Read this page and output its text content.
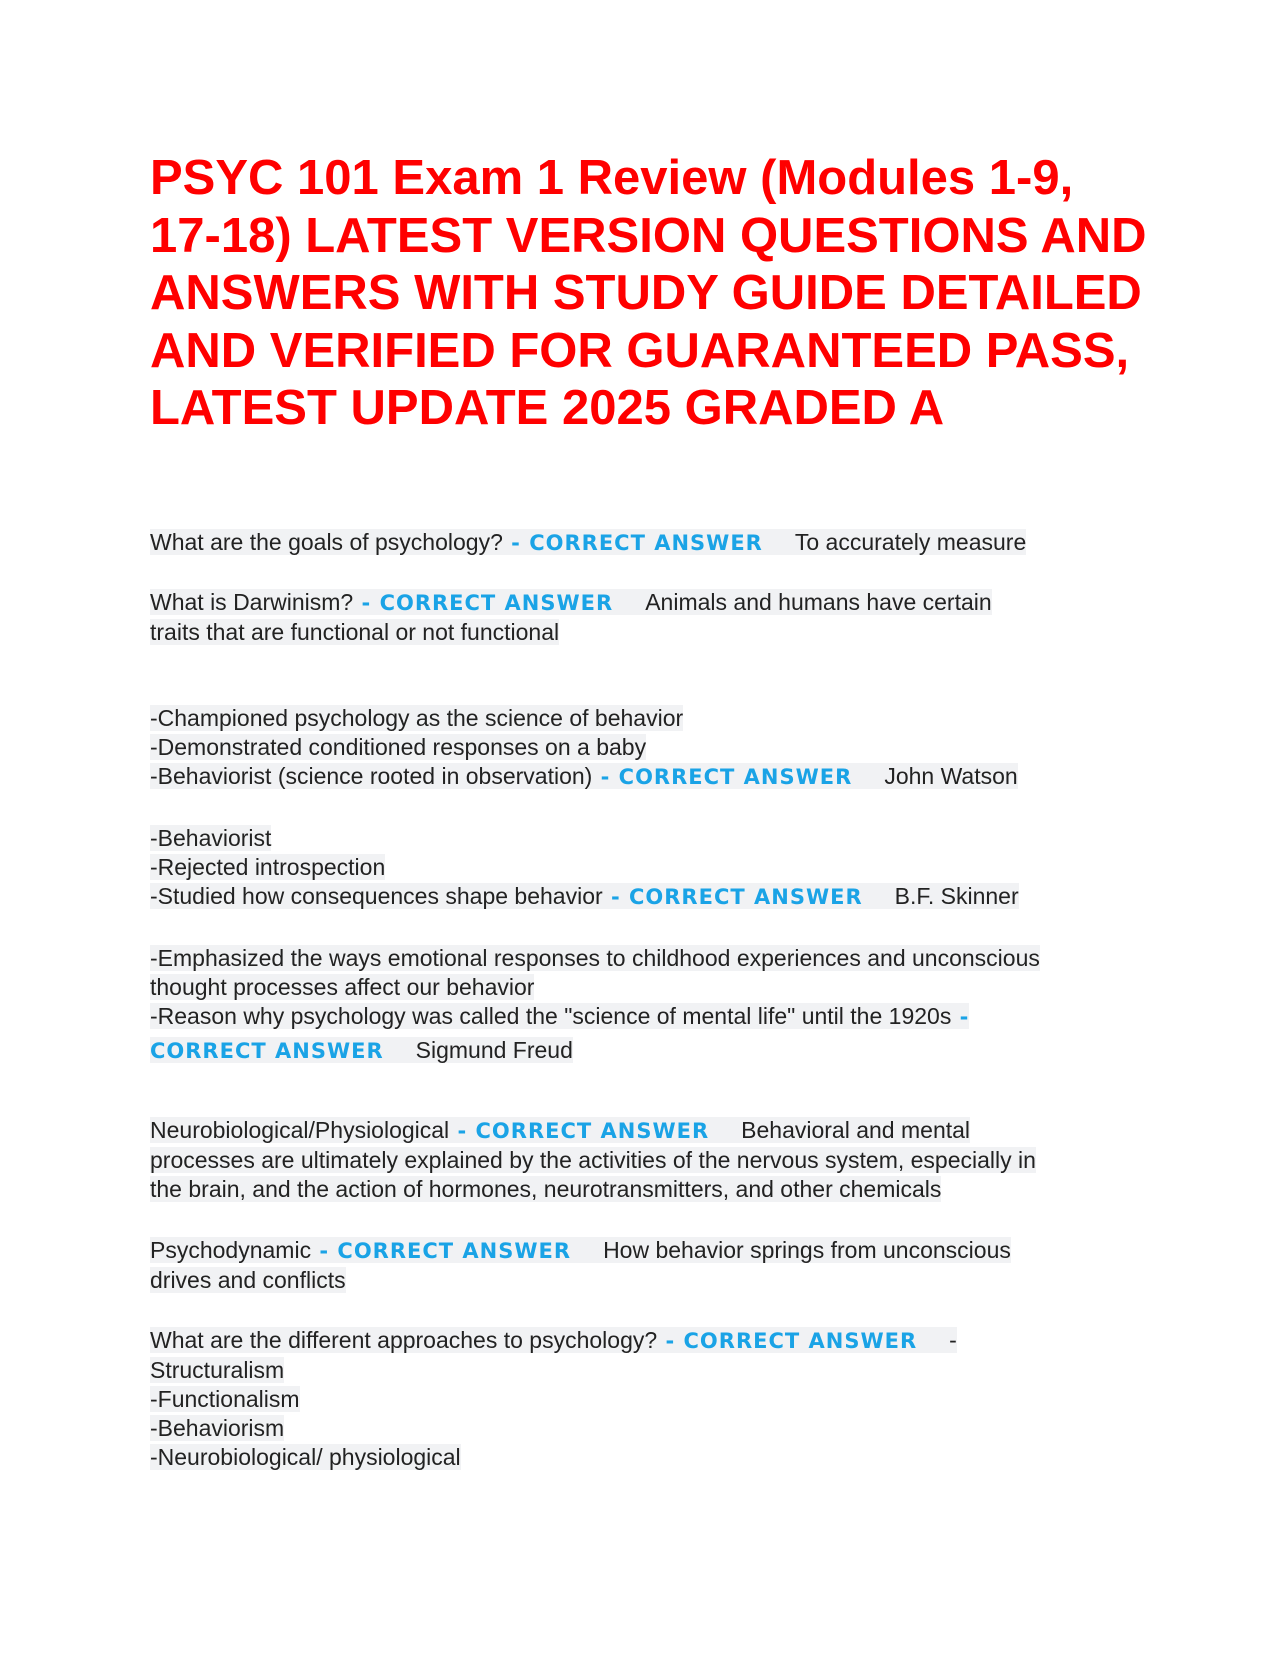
PSYC 101 Exam 1 Review (Modules 1-9, 17-18) LATEST VERSION QUESTIONS AND ANSWERS WITH STUDY GUIDE DETAILED AND VERIFIED FOR GUARANTEED PASS, LATEST UPDATE 2025 GRADED A
What are the goals of psychology? - CORRECT ANSWER To accurately measure
What is Darwinism? - CORRECT ANSWER Animals and humans have certain
traits that are functional or not functional
-Championed psychology as the science of behavior
-Demonstrated conditioned responses on a baby
-Behaviorist (science rooted in observation) - CORRECT ANSWER John Watson
-Behaviorist
-Rejected introspection
-Studied how consequences shape behavior - CORRECT ANSWER B.F. Skinner
-Emphasized the ways emotional responses to childhood experiences and unconscious
thought processes affect our behavior
-Reason why psychology was called the "science of mental life" until the 1920s -
CORRECT ANSWER Sigmund Freud
Neurobiological/Physiological - CORRECT ANSWER Behavioral and mental
processes are ultimately explained by the activities of the nervous system, especially in
the brain, and the action of hormones, neurotransmitters, and other chemicals
Psychodynamic - CORRECT ANSWER How behavior springs from unconscious
drives and conflicts
What are the different approaches to psychology? - CORRECT ANSWER -
Structuralism
-Functionalism
-Behaviorism
-Neurobiological/ physiological
